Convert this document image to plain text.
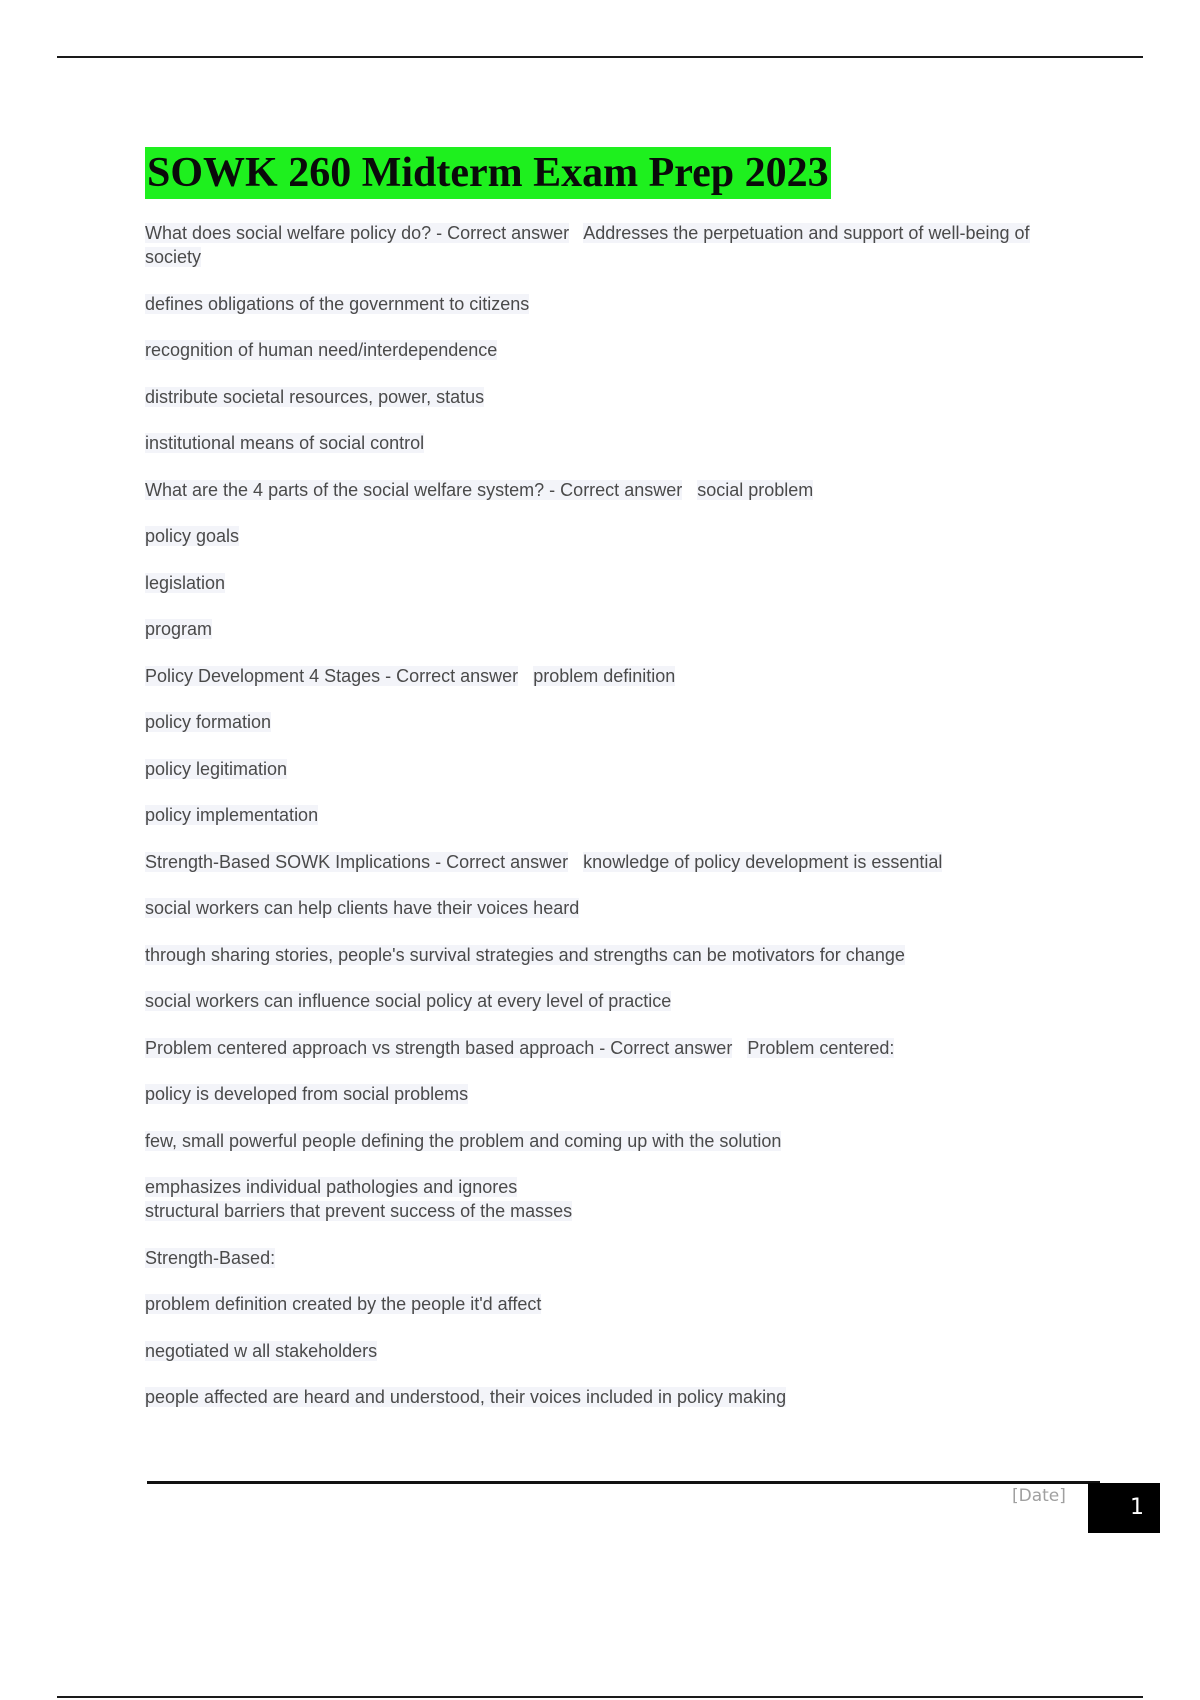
SOWK 260 Midterm Exam Prep 2023
What does social welfare policy do? - Correct answer Addresses the perpetuation and support of well-being of society
defines obligations of the government to citizens
recognition of human need/interdependence
distribute societal resources, power, status
institutional means of social control
What are the 4 parts of the social welfare system? - Correct answer social problem
policy goals
legislation
program
Policy Development 4 Stages - Correct answer problem definition
policy formation
policy legitimation
policy implementation
Strength-Based SOWK Implications - Correct answer knowledge of policy development is essential
social workers can help clients have their voices heard
through sharing stories, people's survival strategies and strengths can be motivators for change
social workers can influence social policy at every level of practice
Problem centered approach vs strength based approach - Correct answer Problem centered:
policy is developed from social problems
few, small powerful people defining the problem and coming up with the solution
emphasizes individual pathologies and ignores
structural barriers that prevent success of the masses
Strength-Based:
problem definition created by the people it'd affect
negotiated w all stakeholders
people affected are heard and understood, their voices included in policy making
[Date]	1
